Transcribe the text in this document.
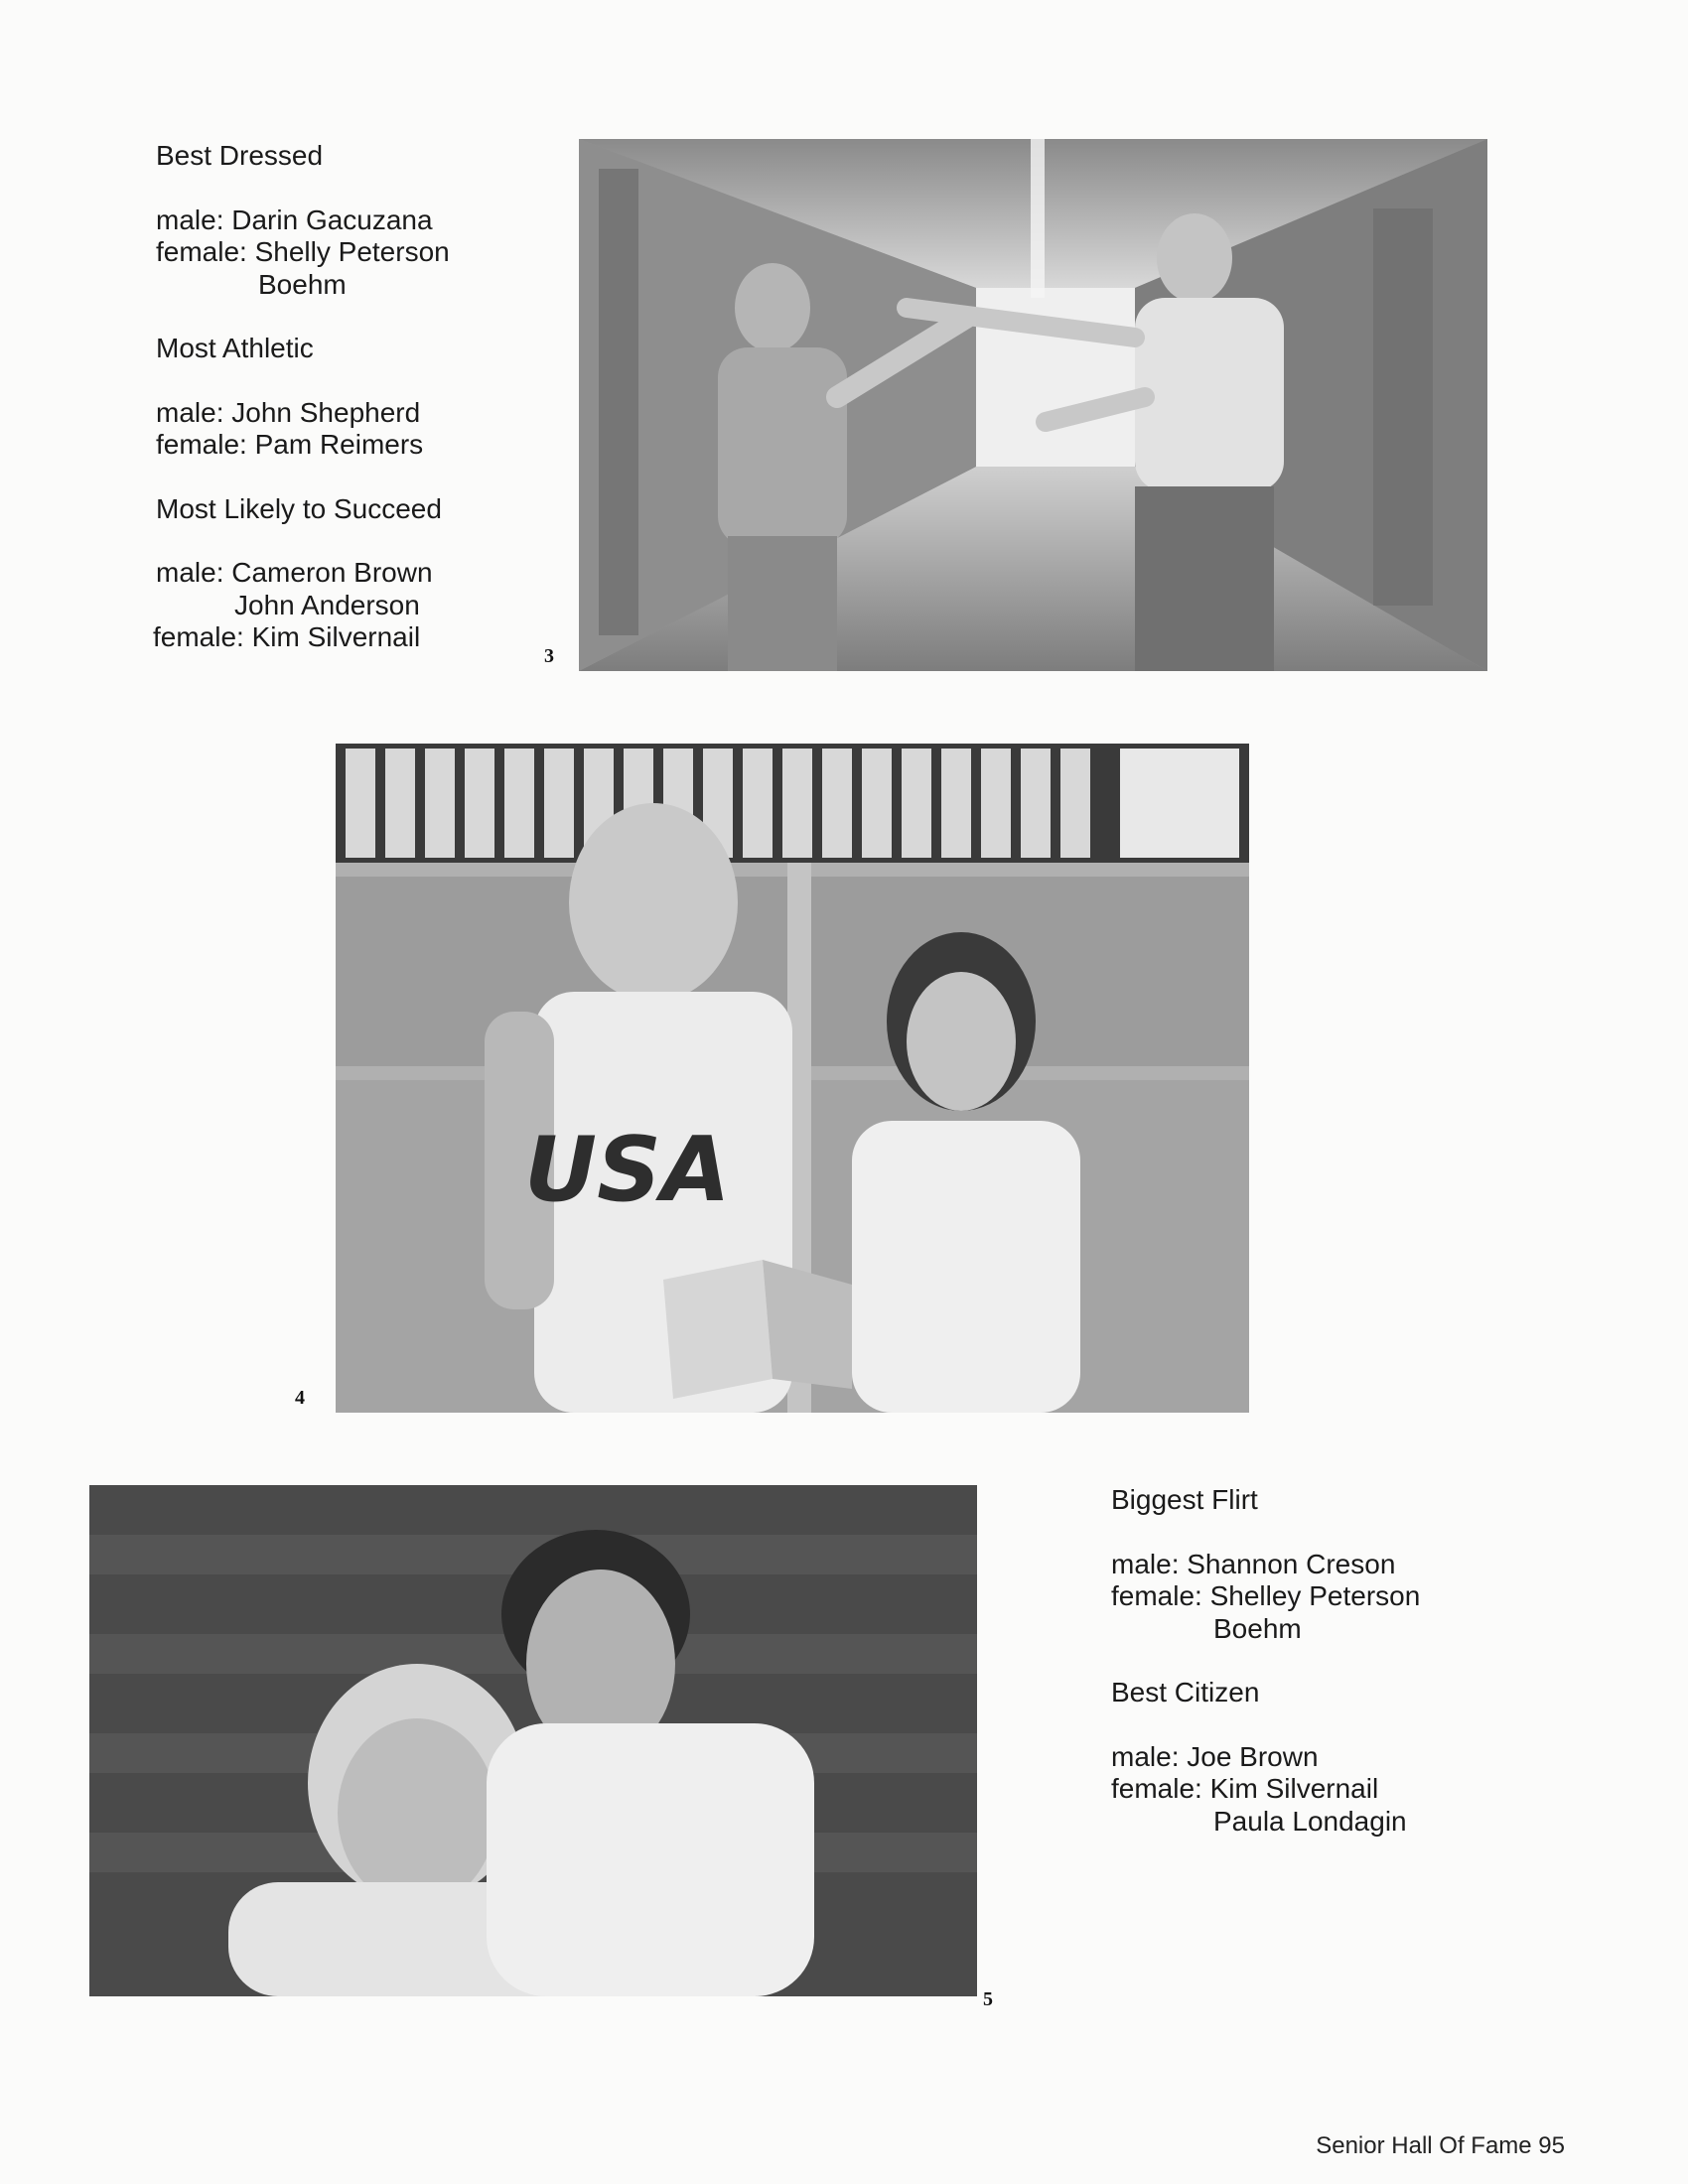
Best Dressed
male: Darin Gacuzana
female: Shelly Peterson
Boehm
Most Athletic
male: John Shepherd
female: Pam Reimers
Most Likely to Succeed
male: Cameron Brown
John Anderson
female: Kim Silvernail
3
USA
4
5
Biggest Flirt
male: Shannon Creson
female: Shelley Peterson
Boehm
Best Citizen
male: Joe Brown
female: Kim Silvernail
Paula Londagin
Senior Hall Of Fame 95
